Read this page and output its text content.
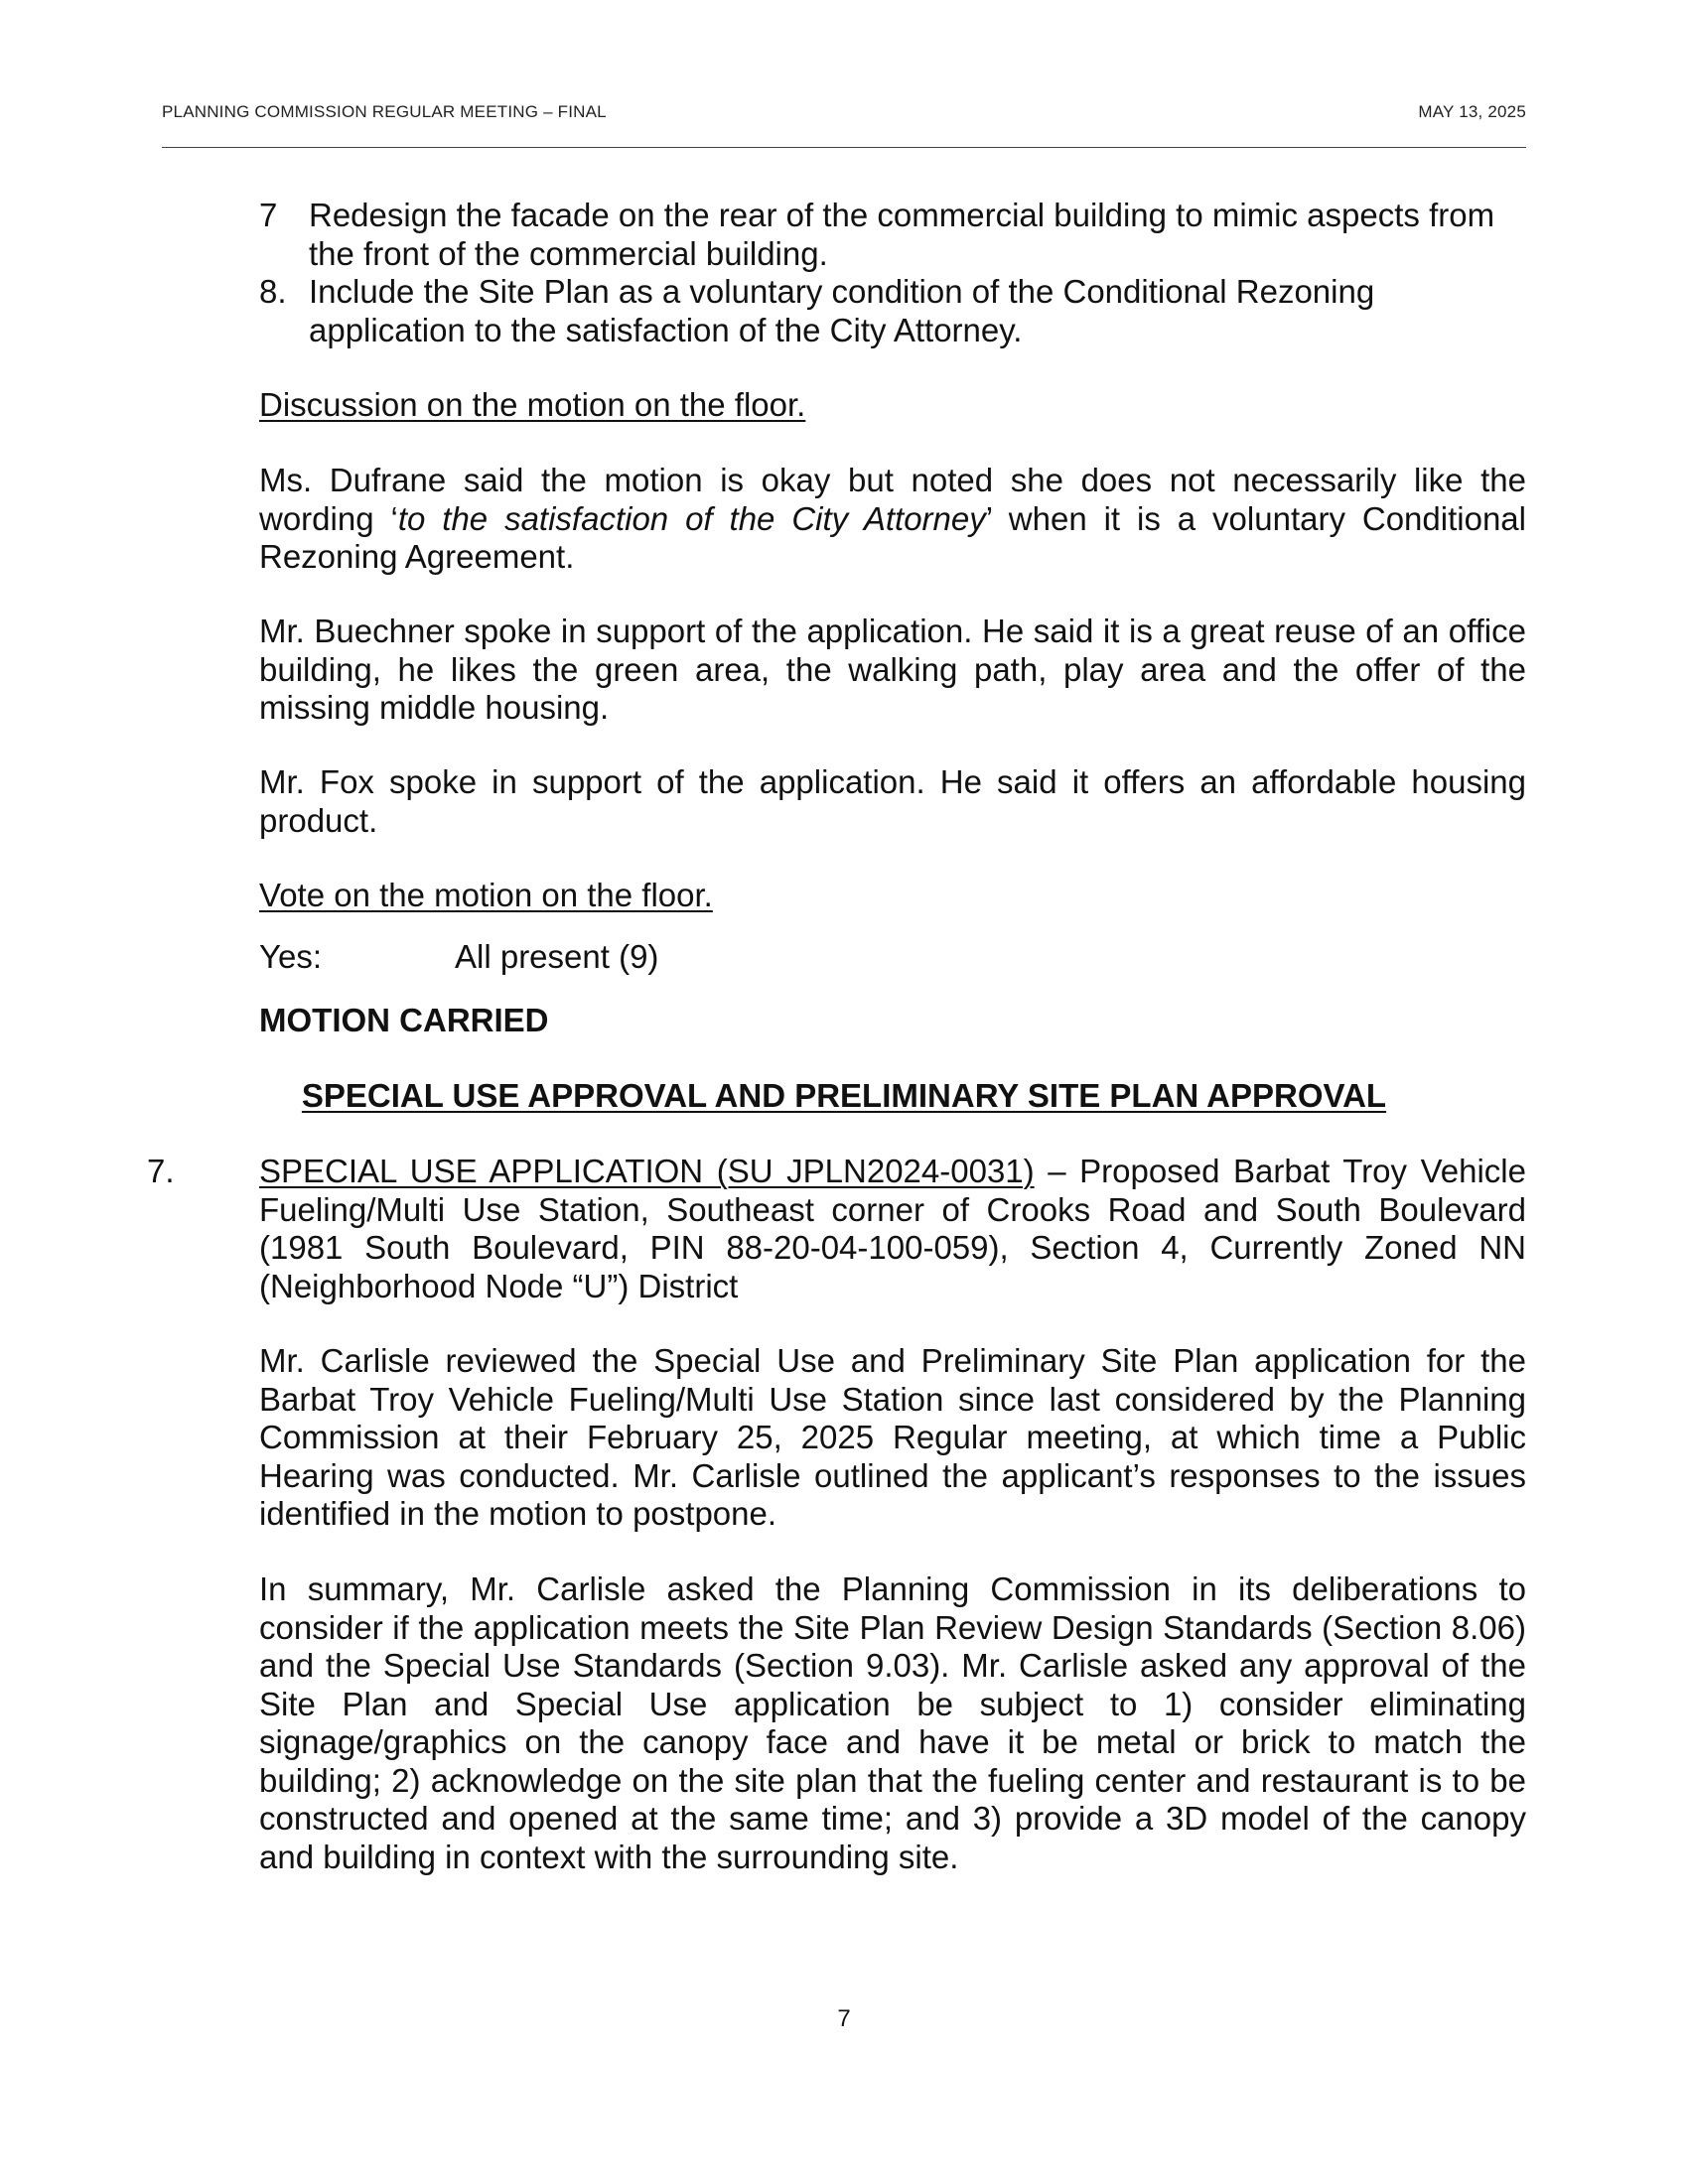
PLANNING COMMISSION REGULAR MEETING – FINAL	MAY 13, 2025
7 Redesign the facade on the rear of the commercial building to mimic aspects from the front of the commercial building.
8. Include the Site Plan as a voluntary condition of the Conditional Rezoning application to the satisfaction of the City Attorney.
Discussion on the motion on the floor.
Ms. Dufrane said the motion is okay but noted she does not necessarily like the wording ‘to the satisfaction of the City Attorney’ when it is a voluntary Conditional Rezoning Agreement.
Mr. Buechner spoke in support of the application. He said it is a great reuse of an office building, he likes the green area, the walking path, play area and the offer of the missing middle housing.
Mr. Fox spoke in support of the application. He said it offers an affordable housing product.
Vote on the motion on the floor.
Yes:	All present (9)
MOTION CARRIED
SPECIAL USE APPROVAL AND PRELIMINARY SITE PLAN APPROVAL
7.	SPECIAL USE APPLICATION (SU JPLN2024-0031) – Proposed Barbat Troy Vehicle Fueling/Multi Use Station, Southeast corner of Crooks Road and South Boulevard (1981 South Boulevard, PIN 88-20-04-100-059), Section 4, Currently Zoned NN (Neighborhood Node “U”) District
Mr. Carlisle reviewed the Special Use and Preliminary Site Plan application for the Barbat Troy Vehicle Fueling/Multi Use Station since last considered by the Planning Commission at their February 25, 2025 Regular meeting, at which time a Public Hearing was conducted. Mr. Carlisle outlined the applicant’s responses to the issues identified in the motion to postpone.
In summary, Mr. Carlisle asked the Planning Commission in its deliberations to consider if the application meets the Site Plan Review Design Standards (Section 8.06) and the Special Use Standards (Section 9.03). Mr. Carlisle asked any approval of the Site Plan and Special Use application be subject to 1) consider eliminating signage/graphics on the canopy face and have it be metal or brick to match the building; 2) acknowledge on the site plan that the fueling center and restaurant is to be constructed and opened at the same time; and 3) provide a 3D model of the canopy and building in context with the surrounding site.
7
